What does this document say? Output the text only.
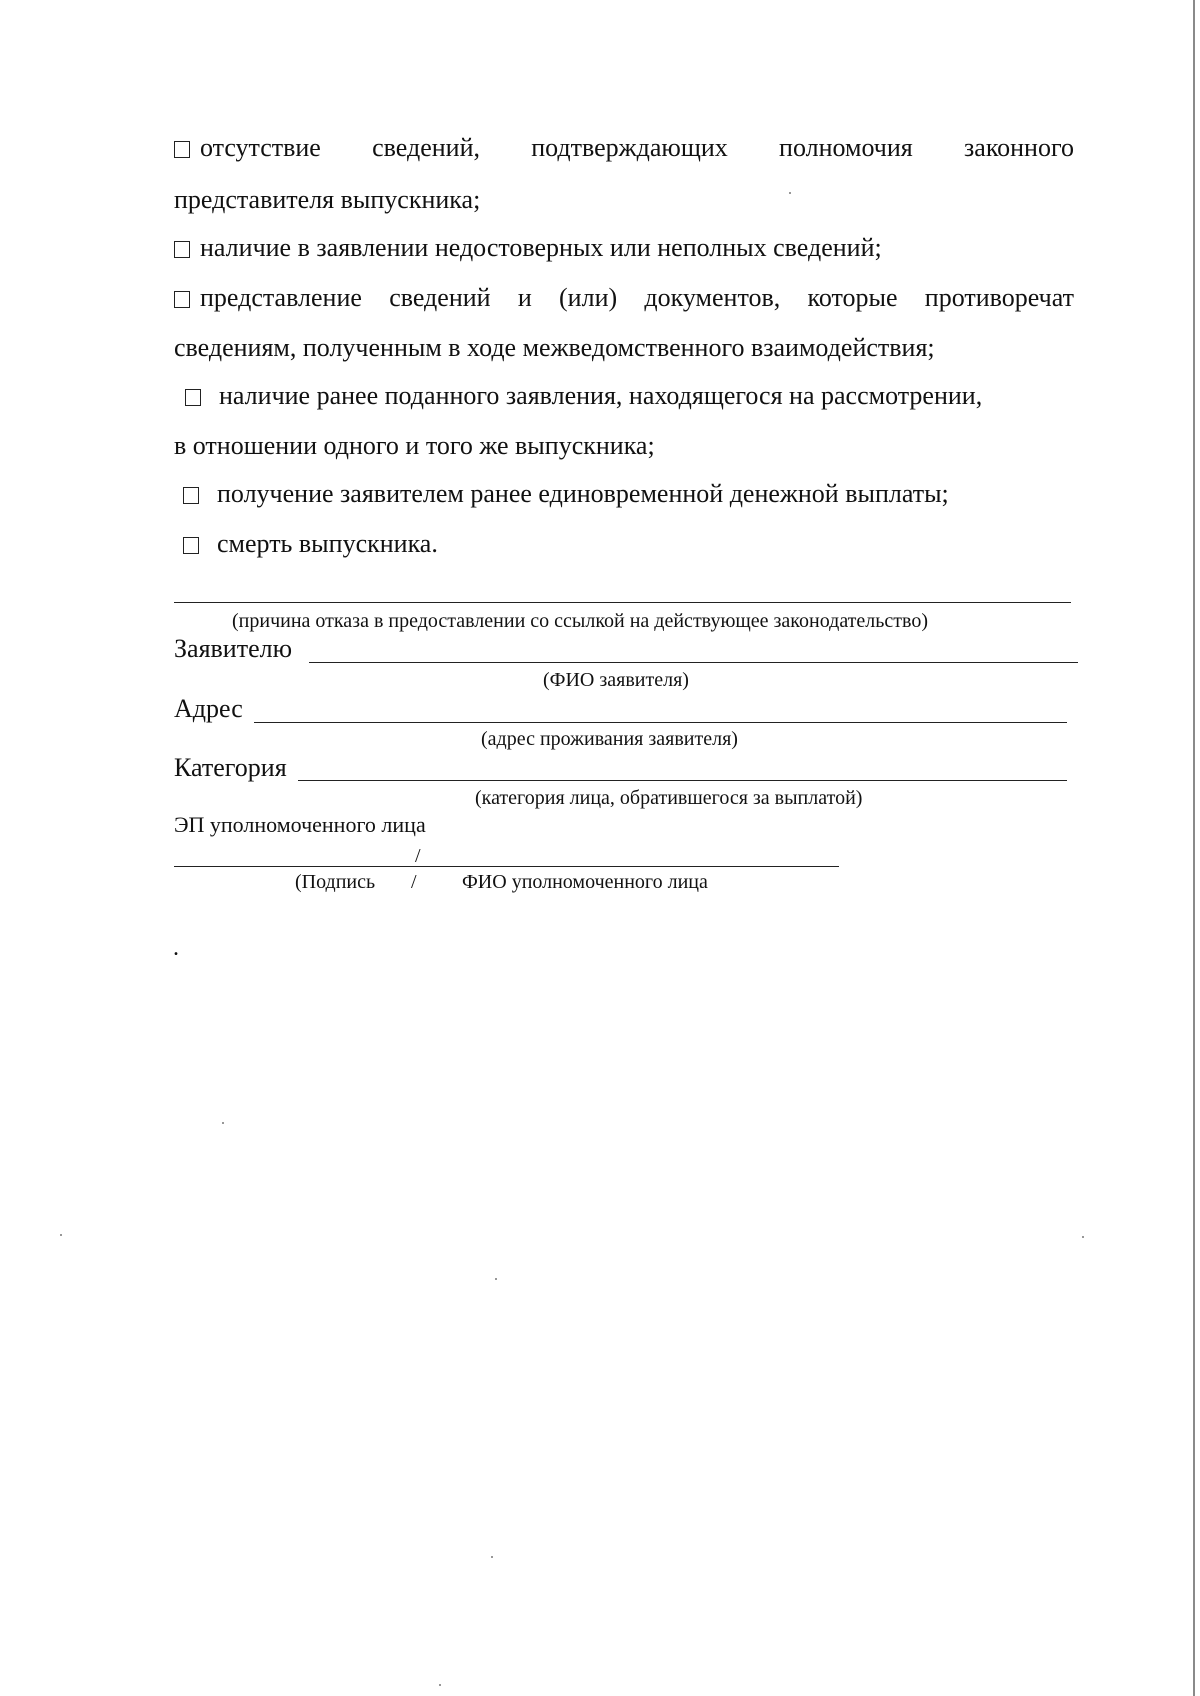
отсутствие сведений, подтверждающих полномочия законного
представителя выпускника;
наличие в заявлении недостоверных или неполных сведений;
представление сведений и (или) документов, которые противоречат
сведениям, полученным в ходе межведомственного взаимодействия;
наличие ранее поданного заявления, находящегося на рассмотрении,
в отношении одного и того же выпускника;
получение заявителем ранее единовременной денежной выплаты;
смерть выпускника.
(причина отказа в предоставлении со ссылкой на действующее законодательство)
Заявителю
(ФИО заявителя)
Адрес
(адрес проживания заявителя)
Категория
(категория лица, обратившегося за выплатой)
ЭП уполномоченного лица
/
(Подпись / ФИО уполномоченного лица
.
